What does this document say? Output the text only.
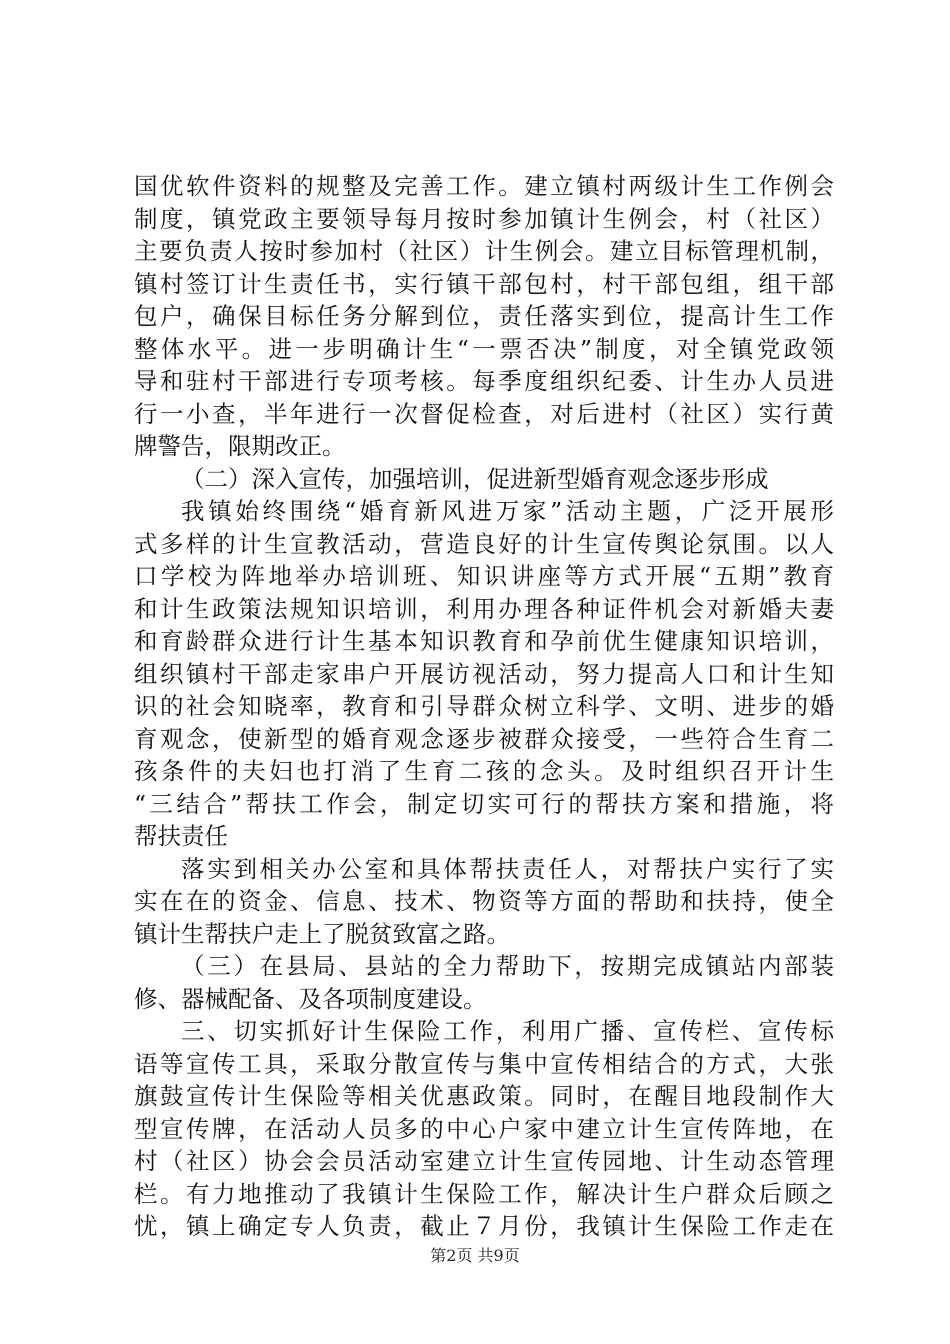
国优软件资料的规整及完善工作。建立镇村两级计生工作例会
制度，镇党政主要领导每月按时参加镇计生例会，村（社区）
主要负责人按时参加村（社区）计生例会。建立目标管理机制，
镇村签订计生责任书，实行镇干部包村，村干部包组，组干部
包户，确保目标任务分解到位，责任落实到位，提高计生工作
整体水平。进一步明确计生“一票否决”制度，对全镇党政领
导和驻村干部进行专项考核。每季度组织纪委、计生办人员进
行一小查，半年进行一次督促检查，对后进村（社区）实行黄
牌警告，限期改正。
（二）深入宣传，加强培训，促进新型婚育观念逐步形成
我镇始终围绕“婚育新风进万家”活动主题，广泛开展形
式多样的计生宣教活动，营造良好的计生宣传舆论氛围。以人
口学校为阵地举办培训班、知识讲座等方式开展“五期”教育
和计生政策法规知识培训，利用办理各种证件机会对新婚夫妻
和育龄群众进行计生基本知识教育和孕前优生健康知识培训，
组织镇村干部走家串户开展访视活动，努力提高人口和计生知
识的社会知晓率，教育和引导群众树立科学、文明、进步的婚
育观念，使新型的婚育观念逐步被群众接受，一些符合生育二
孩条件的夫妇也打消了生育二孩的念头。及时组织召开计生
“三结合”帮扶工作会，制定切实可行的帮扶方案和措施，将
帮扶责任
落实到相关办公室和具体帮扶责任人，对帮扶户实行了实
实在在的资金、信息、技术、物资等方面的帮助和扶持，使全
镇计生帮扶户走上了脱贫致富之路。
（三）在县局、县站的全力帮助下，按期完成镇站内部装
修、器械配备、及各项制度建设。
三、切实抓好计生保险工作，利用广播、宣传栏、宣传标
语等宣传工具，采取分散宣传与集中宣传相结合的方式，大张
旗鼓宣传计生保险等相关优惠政策。同时，在醒目地段制作大
型宣传牌，在活动人员多的中心户家中建立计生宣传阵地，在
村（社区）协会会员活动室建立计生宣传园地、计生动态管理
栏。有力地推动了我镇计生保险工作，解决计生户群众后顾之
忧，镇上确定专人负责，截止７月份，我镇计生保险工作走在
第2页 共9页
